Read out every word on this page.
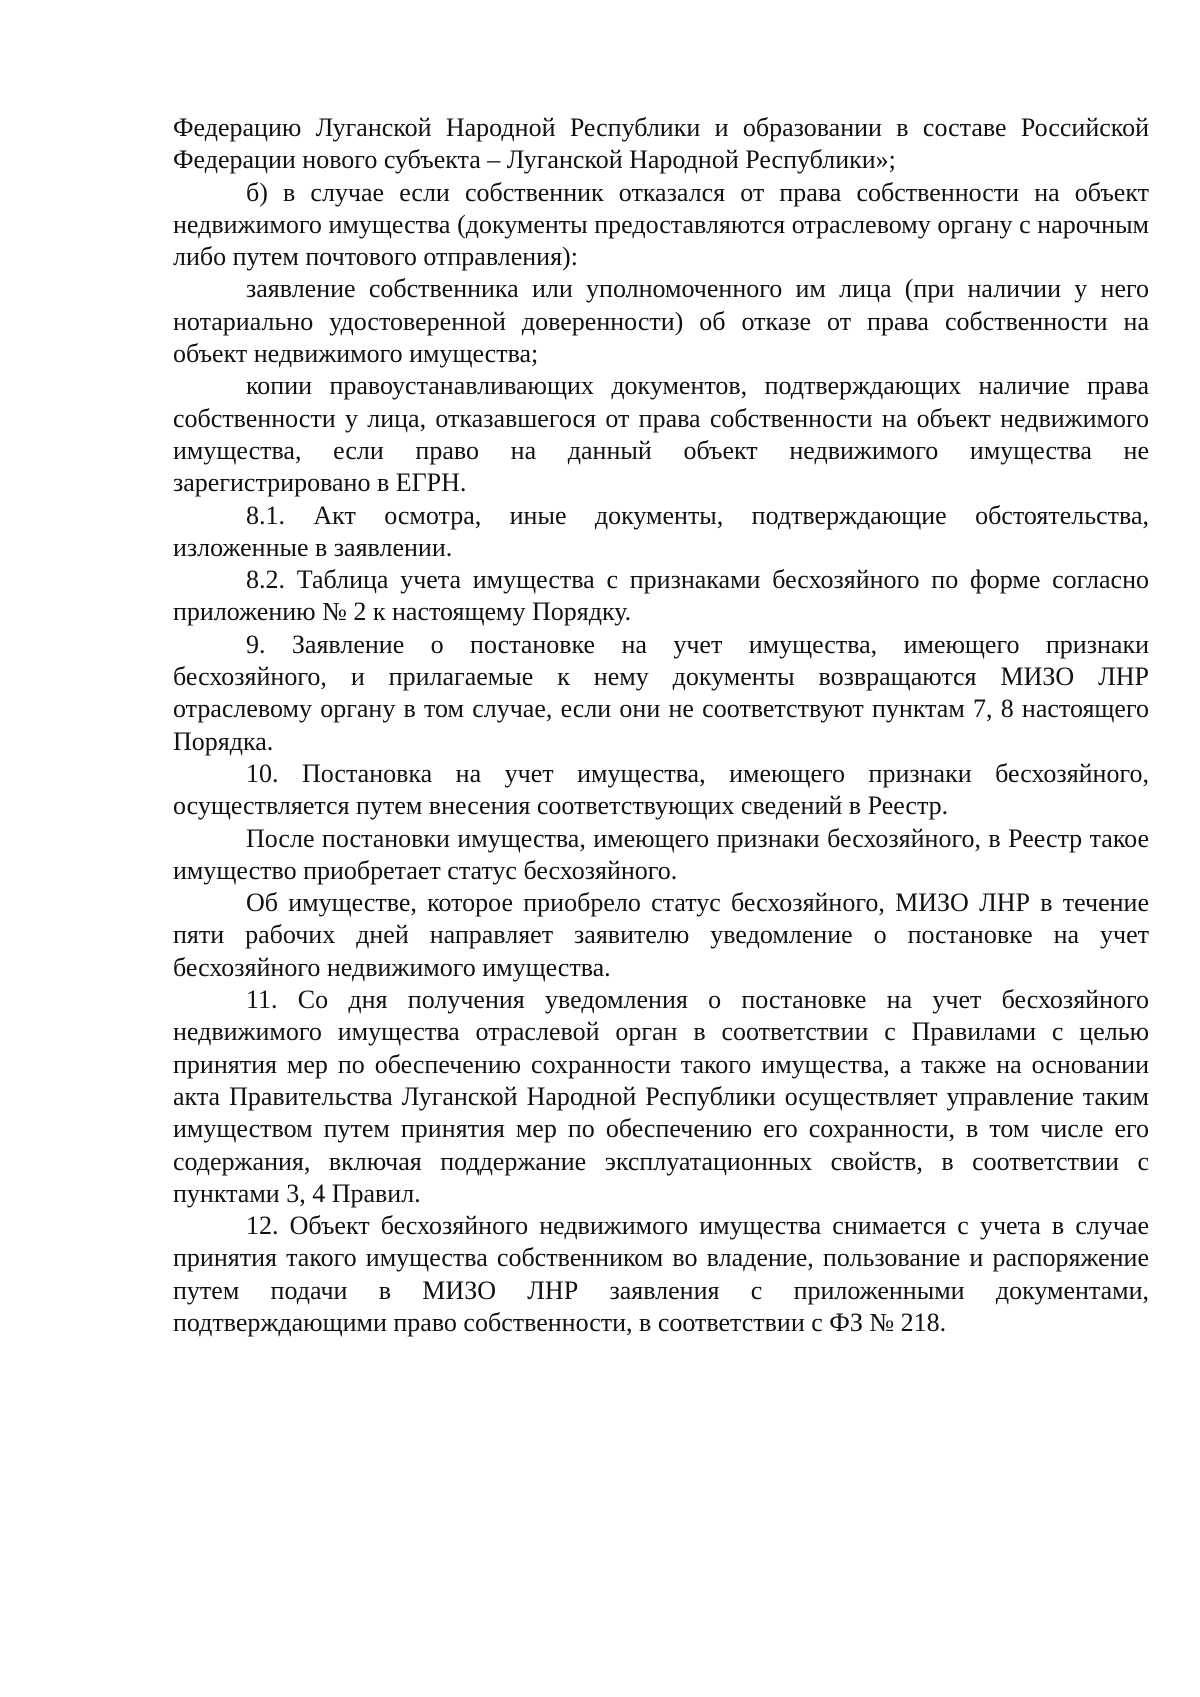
Федерацию Луганской Народной Республики и образовании в составе Российской Федерации нового субъекта – Луганской Народной Республики»;

б) в случае если собственник отказался от права собственности на объект недвижимого имущества (документы предоставляются отраслевому органу с нарочным либо путем почтового отправления):

заявление собственника или уполномоченного им лица (при наличии у него нотариально удостоверенной доверенности) об отказе от права собственности на объект недвижимого имущества;

копии правоустанавливающих документов, подтверждающих наличие права собственности у лица, отказавшегося от права собственности на объект недвижимого имущества, если право на данный объект недвижимого имущества не зарегистрировано в ЕГРН.

8.1. Акт осмотра, иные документы, подтверждающие обстоятельства, изложенные в заявлении.

8.2. Таблица учета имущества с признаками бесхозяйного по форме согласно приложению № 2 к настоящему Порядку.

9. Заявление о постановке на учет имущества, имеющего признаки бесхозяйного, и прилагаемые к нему документы возвращаются МИЗО ЛНР отраслевому органу в том случае, если они не соответствуют пунктам 7, 8 настоящего Порядка.

10. Постановка на учет имущества, имеющего признаки бесхозяйного, осуществляется путем внесения соответствующих сведений в Реестр.

После постановки имущества, имеющего признаки бесхозяйного, в Реестр такое имущество приобретает статус бесхозяйного.

Об имуществе, которое приобрело статус бесхозяйного, МИЗО ЛНР в течение пяти рабочих дней направляет заявителю уведомление о постановке на учет бесхозяйного недвижимого имущества.

11. Со дня получения уведомления о постановке на учет бесхозяйного недвижимого имущества отраслевой орган в соответствии с Правилами с целью принятия мер по обеспечению сохранности такого имущества, а также на основании акта Правительства Луганской Народной Республики осуществляет управление таким имуществом путем принятия мер по обеспечению его сохранности, в том числе его содержания, включая поддержание эксплуатационных свойств, в соответствии с пунктами 3, 4 Правил.

12. Объект бесхозяйного недвижимого имущества снимается с учета в случае принятия такого имущества собственником во владение, пользование и распоряжение путем подачи в МИЗО ЛНР заявления с приложенными документами, подтверждающими право собственности, в соответствии с ФЗ № 218.
